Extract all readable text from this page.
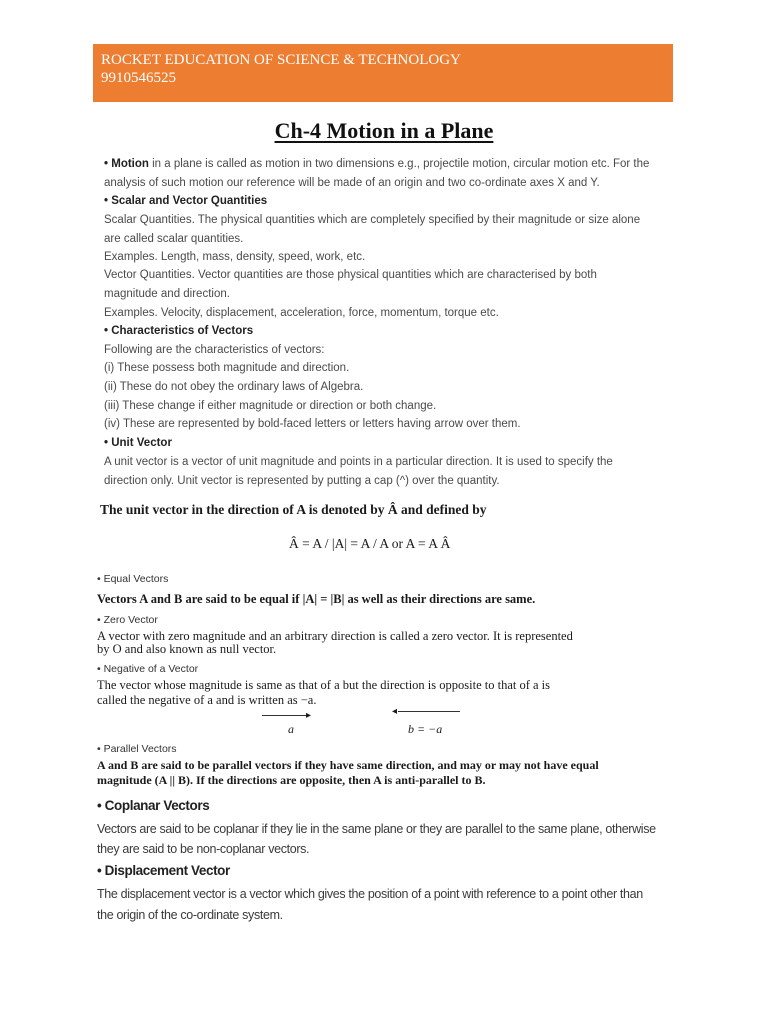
ROCKET EDUCATION OF SCIENCE & TECHNOLOGY
9910546525
Ch-4 Motion in a Plane
• Motion in a plane is called as motion in two dimensions e.g., projectile motion, circular motion etc. For the
analysis of such motion our reference will be made of an origin and two co-ordinate axes X and Y.
• Scalar and Vector Quantities
Scalar Quantities. The physical quantities which are completely specified by their magnitude or size alone
are called scalar quantities.
Examples. Length, mass, density, speed, work, etc.
Vector Quantities. Vector quantities are those physical quantities which are characterised by both
magnitude and direction.
Examples. Velocity, displacement, acceleration, force, momentum, torque etc.
• Characteristics of Vectors
Following are the characteristics of vectors:
(i) These possess both magnitude and direction.
(ii) These do not obey the ordinary laws of Algebra.
(iii) These change if either magnitude or direction or both change.
(iv) These are represented by bold-faced letters or letters having arrow over them.
• Unit Vector
A unit vector is a vector of unit magnitude and points in a particular direction. It is used to specify the
direction only. Unit vector is represented by putting a cap (^) over the quantity.
The unit vector in the direction of A is denoted by Â and defined by
Â = A / |A| = A / A or A = A Â
• Equal Vectors
Vectors A and B are said to be equal if |A| = |B| as well as their directions are same.
• Zero Vector
A vector with zero magnitude and an arbitrary direction is called a zero vector. It is represented
by O and also known as null vector.
• Negative of a Vector
The vector whose magnitude is same as that of a but the direction is opposite to that of a is
called the negative of a and is written as −a.
▸
a
◂
b = −a
• Parallel Vectors
A and B are said to be parallel vectors if they have same direction, and may or may not have equal
magnitude (A || B). If the directions are opposite, then A is anti-parallel to B.
• Coplanar Vectors
Vectors are said to be coplanar if they lie in the same plane or they are parallel to the same plane, otherwise
they are said to be non-coplanar vectors.
• Displacement Vector
The displacement vector is a vector which gives the position of a point with reference to a point other than
the origin of the co-ordinate system.
